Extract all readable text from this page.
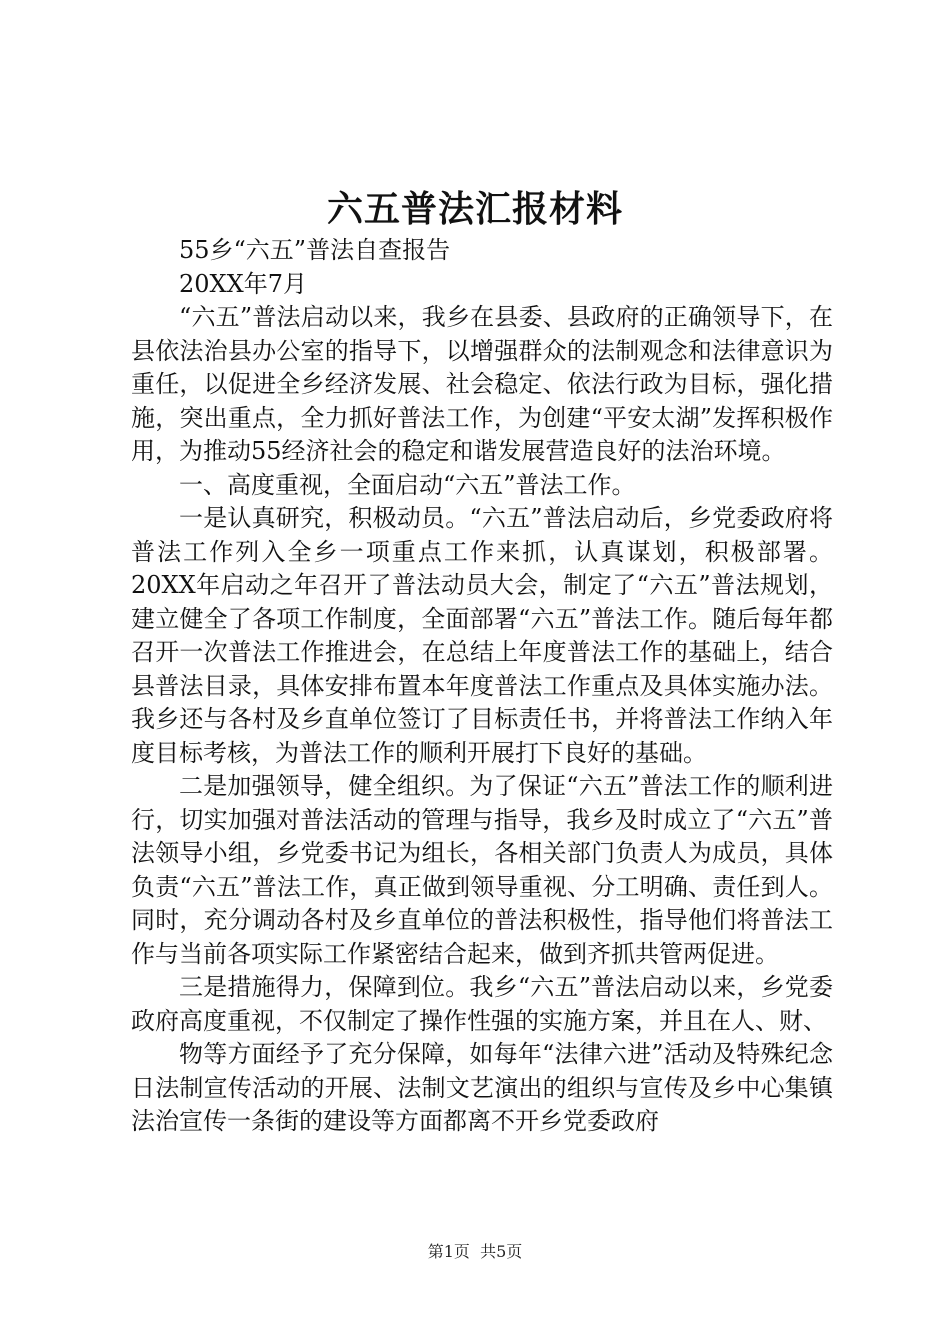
六五普法汇报材料

55乡“六五”普法自查报告

20XX年7月

“六五”普法启动以来，我乡在县委、县政府的正确领导下，在县依法治县办公室的指导下，以增强群众的法制观念和法律意识为重任，以促进全乡经济发展、社会稳定、依法行政为目标，强化措施，突出重点，全力抓好普法工作，为创建“平安太湖”发挥积极作用，为推动55经济社会的稳定和谐发展营造良好的法治环境。

一、高度重视，全面启动“六五”普法工作。

一是认真研究，积极动员。“六五”普法启动后，乡党委政府将普法工作列入全乡一项重点工作来抓，认真谋划，积极部署。20XX年启动之年召开了普法动员大会，制定了“六五”普法规划，建立健全了各项工作制度，全面部署“六五”普法工作。随后每年都召开一次普法工作推进会，在总结上年度普法工作的基础上，结合县普法目录，具体安排布置本年度普法工作重点及具体实施办法。我乡还与各村及乡直单位签订了目标责任书，并将普法工作纳入年度目标考核，为普法工作的顺利开展打下良好的基础。

二是加强领导，健全组织。为了保证“六五”普法工作的顺利进行，切实加强对普法活动的管理与指导，我乡及时成立了“六五”普法领导小组，乡党委书记为组长，各相关部门负责人为成员，具体负责“六五”普法工作，真正做到领导重视、分工明确、责任到人。同时，充分调动各村及乡直单位的普法积极性，指导他们将普法工作与当前各项实际工作紧密结合起来，做到齐抓共管两促进。

三是措施得力，保障到位。我乡“六五”普法启动以来，乡党委政府高度重视，不仅制定了操作性强的实施方案，并且在人、财、

物等方面经予了充分保障，如每年“法律六进”活动及特殊纪念日法制宣传活动的开展、法制文艺演出的组织与宣传及乡中心集镇法治宣传一条街的建设等方面都离不开乡党委政府

第1页 共5页
